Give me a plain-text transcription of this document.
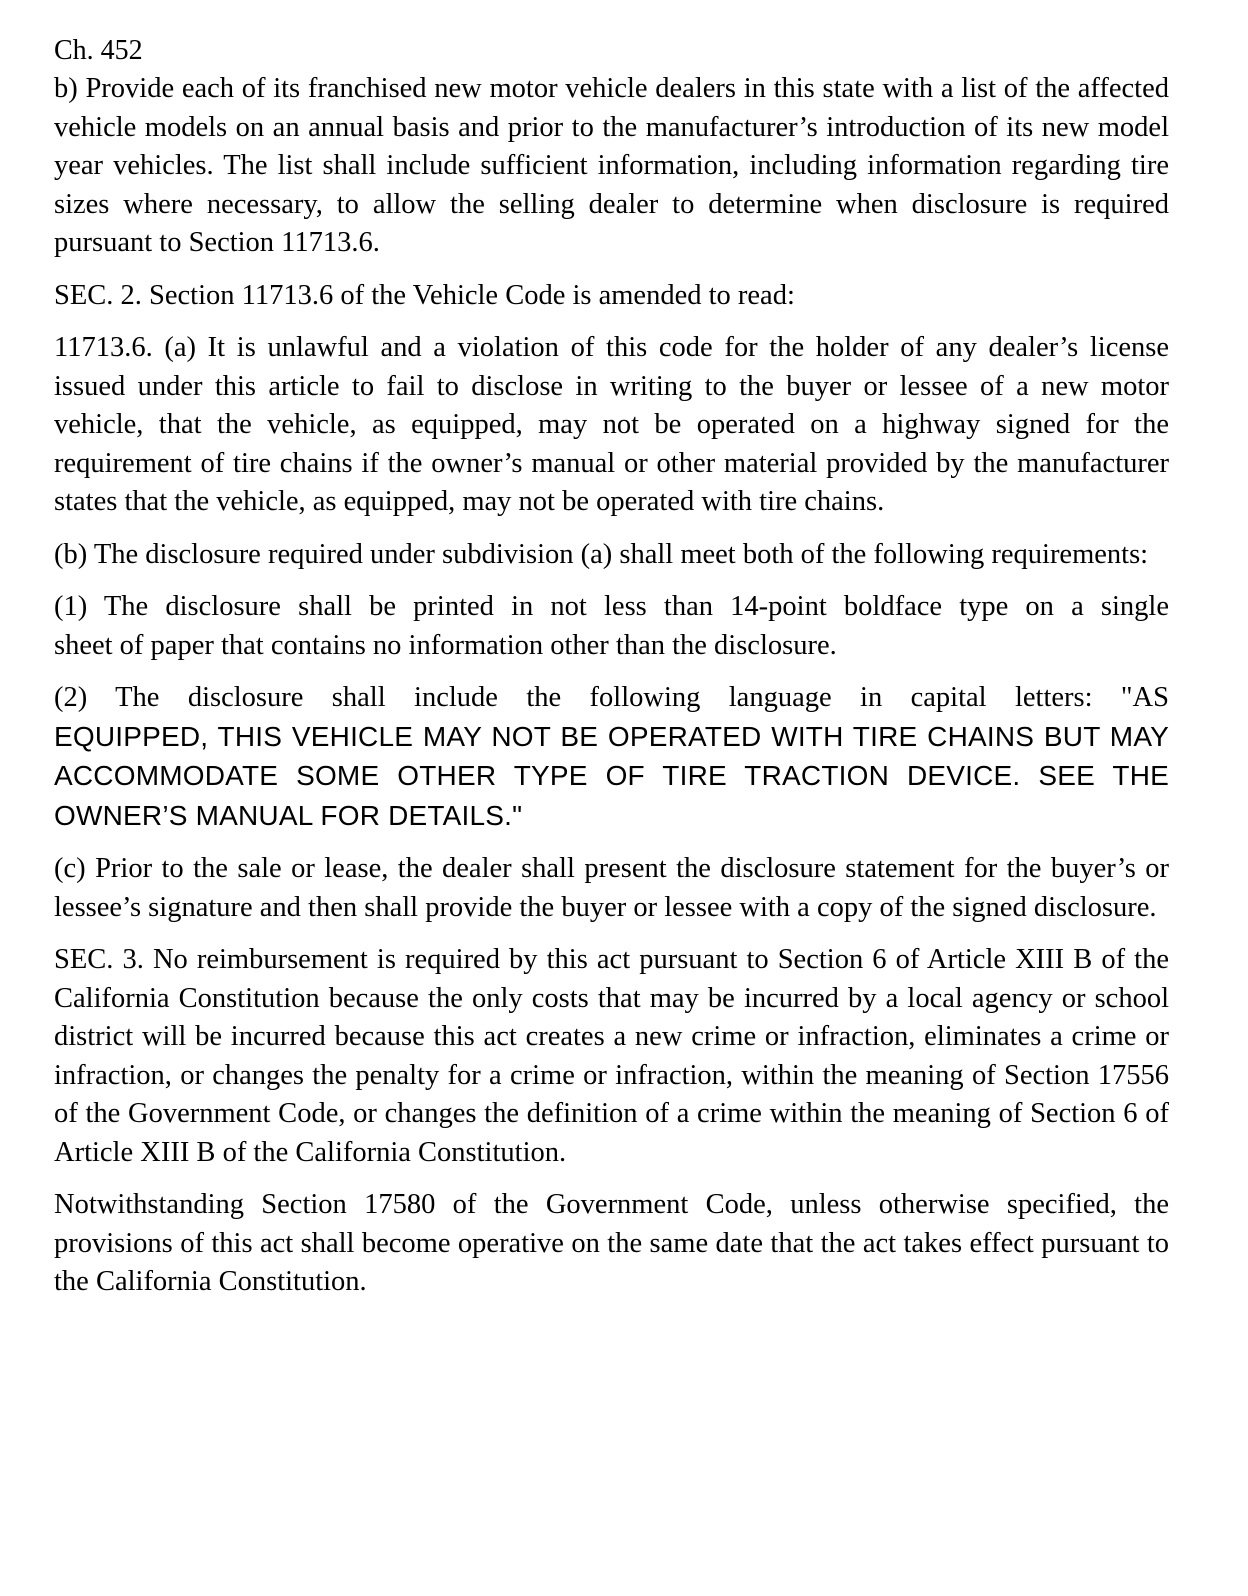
Ch. 452

b) Provide each of its franchised new motor vehicle dealers in this state with a list of the affected vehicle models on an annual basis and prior to the manufacturer’s introduction of its new model year vehicles. The list shall include sufficient information, including information regarding tire sizes where necessary, to allow the selling dealer to determine when disclosure is required pursuant to Section 11713.6.

SEC. 2. Section 11713.6 of the Vehicle Code is amended to read:

11713.6. (a) It is unlawful and a violation of this code for the holder of any dealer’s license issued under this article to fail to disclose in writing to the buyer or lessee of a new motor vehicle, that the vehicle, as equipped, may not be operated on a highway signed for the requirement of tire chains if the owner’s manual or other material provided by the manufacturer states that the vehicle, as equipped, may not be operated with tire chains.

(b) The disclosure required under subdivision (a) shall meet both of the following requirements:

(1) The disclosure shall be printed in not less than 14-point boldface type on a single
sheet of paper that contains no information other than the disclosure.
(2) The disclosure shall include the following language in capital letters: "AS
EQUIPPED, THIS VEHICLE MAY NOT BE OPERATED WITH TIRE CHAINS BUT MAY ACCOMMODATE SOME OTHER TYPE OF TIRE TRACTION DEVICE. SEE THE OWNER’S MANUAL FOR DETAILS."

(c) Prior to the sale or lease, the dealer shall present the disclosure statement for the buyer’s or lessee’s signature and then shall provide the buyer or lessee with a copy of the signed disclosure.

SEC. 3. No reimbursement is required by this act pursuant to Section 6 of Article XIII B of the California Constitution because the only costs that may be incurred by a local agency or school district will be incurred because this act creates a new crime or infraction, eliminates a crime or infraction, or changes the penalty for a crime or infraction, within the meaning of Section 17556 of the Government Code, or changes the definition of a crime within the meaning of Section 6 of Article XIII B of the California Constitution.

Notwithstanding Section 17580 of the Government Code, unless otherwise specified, the provisions of this act shall become operative on the same date that the act takes effect pursuant to the California Constitution.
